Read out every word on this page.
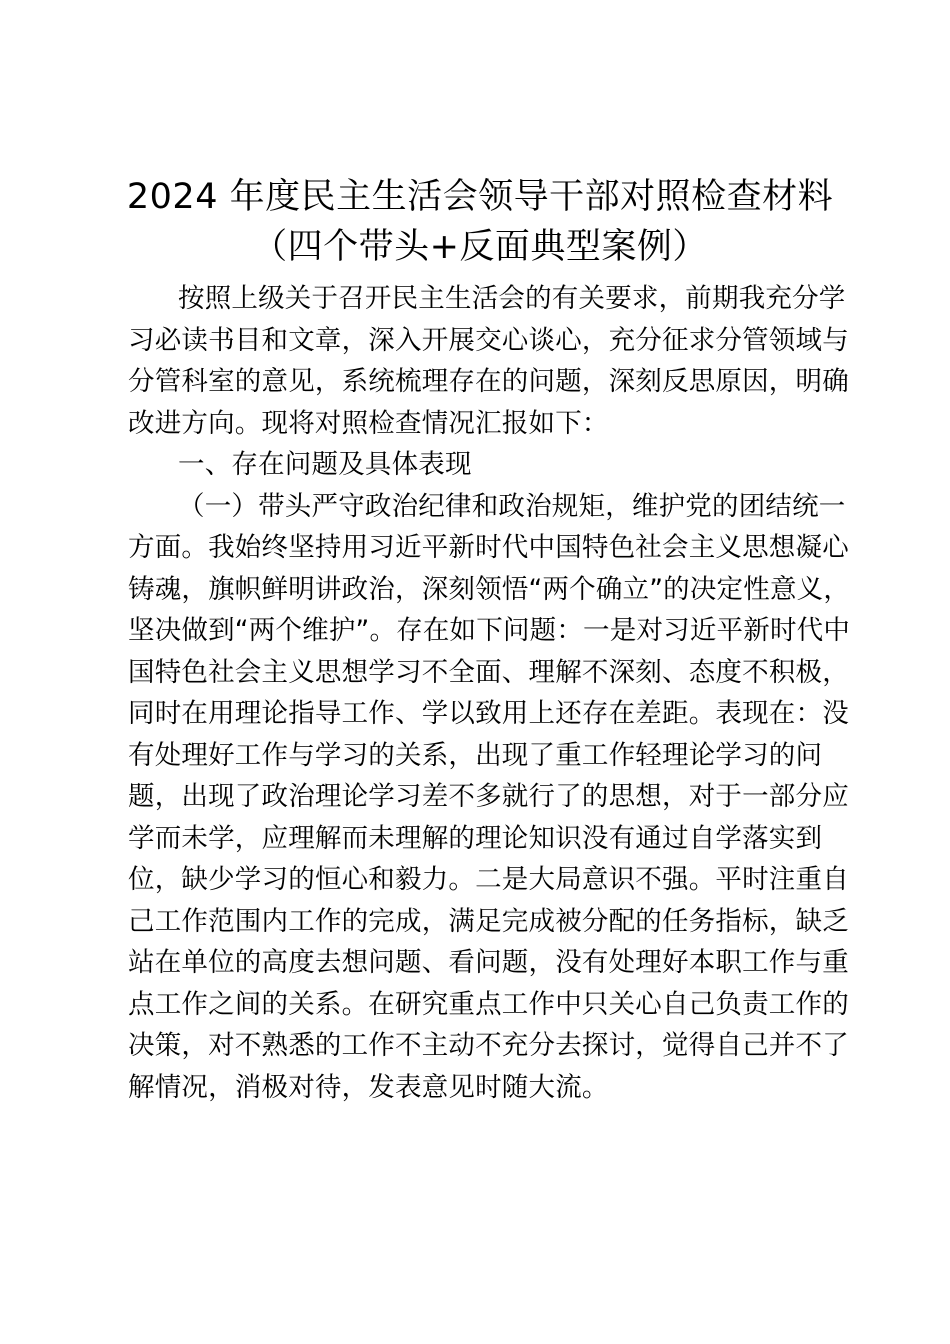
2024 年度民主生活会领导干部对照检查材料
（四个带头+反面典型案例）
按照上级关于召开民主生活会的有关要求，前期我充分学
习必读书目和文章，深入开展交心谈心，充分征求分管领域与
分管科室的意见，系统梳理存在的问题，深刻反思原因，明确
改进方向。现将对照检查情况汇报如下：
一、存在问题及具体表现
（一）带头严守政治纪律和政治规矩，维护党的团结统一
方面。我始终坚持用习近平新时代中国特色社会主义思想凝心
铸魂，旗帜鲜明讲政治，深刻领悟“两个确立”的决定性意义，
坚决做到“两个维护”。存在如下问题：一是对习近平新时代中
国特色社会主义思想学习不全面、理解不深刻、态度不积极，
同时在用理论指导工作、学以致用上还存在差距。表现在：没
有处理好工作与学习的关系，出现了重工作轻理论学习的问
题，出现了政治理论学习差不多就行了的思想，对于一部分应
学而未学，应理解而未理解的理论知识没有通过自学落实到
位，缺少学习的恒心和毅力。二是大局意识不强。平时注重自
己工作范围内工作的完成，满足完成被分配的任务指标，缺乏
站在单位的高度去想问题、看问题，没有处理好本职工作与重
点工作之间的关系。在研究重点工作中只关心自己负责工作的
决策，对不熟悉的工作不主动不充分去探讨，觉得自己并不了
解情况，消极对待，发表意见时随大流。
